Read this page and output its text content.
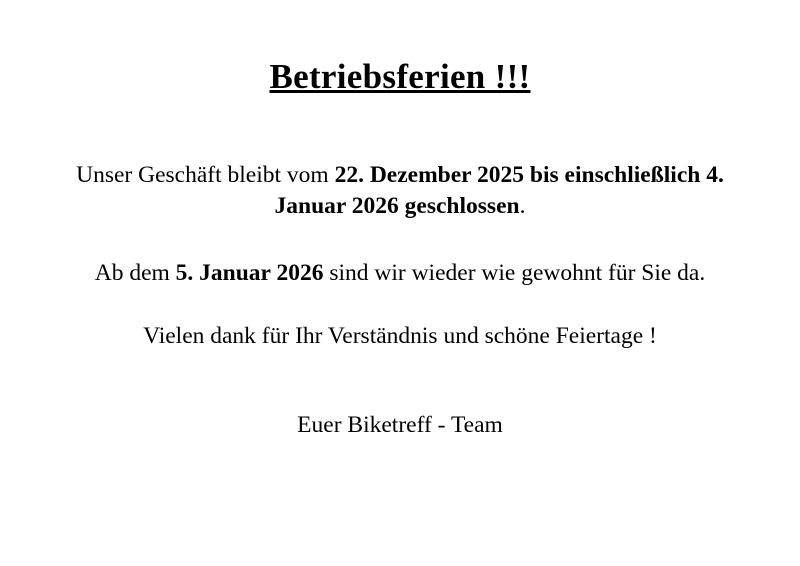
Betriebsferien !!!

Unser Geschäft bleibt vom 22. Dezember 2025 bis einschließlich 4. Januar 2026 geschlossen.

Ab dem 5. Januar 2026 sind wir wieder wie gewohnt für Sie da.

Vielen dank für Ihr Verständnis und schöne Feiertage !

Euer Biketreff - Team
